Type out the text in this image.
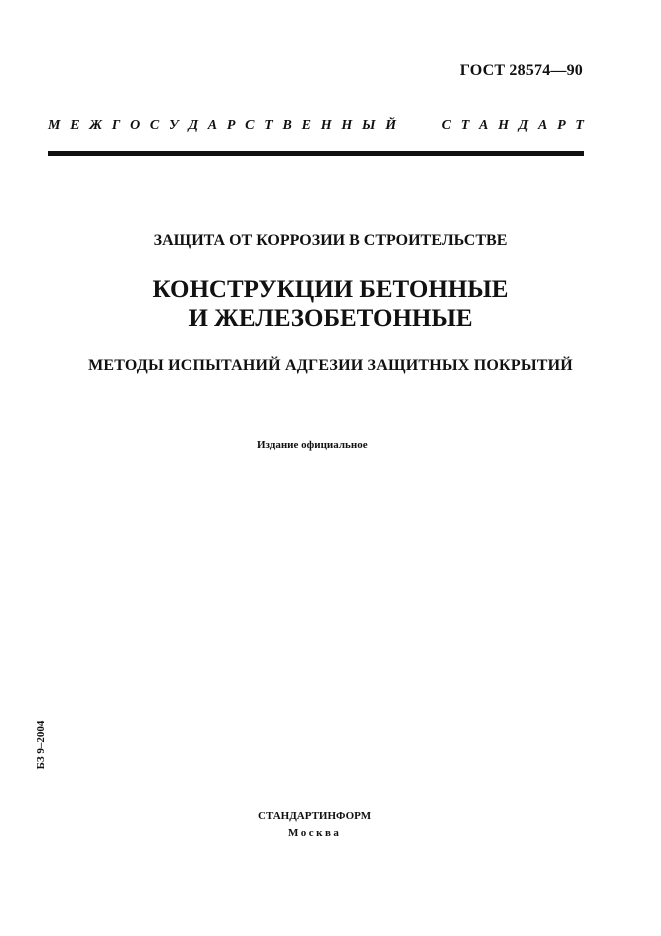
ГОСТ 28574—90
М Е Ж Г О С У Д А Р С Т В Е Н Н Ы Й	С Т А Н Д А Р Т
ЗАЩИТА ОТ КОРРОЗИИ В СТРОИТЕЛЬСТВЕ
КОНСТРУКЦИИ БЕТОННЫЕ
И ЖЕЛЕЗОБЕТОННЫЕ
МЕТОДЫ ИСПЫТАНИЙ АДГЕЗИИ ЗАЩИТНЫХ ПОКРЫТИЙ
Издание официальное
БЗ 9–2004
СТАНДАРТИНФОРМ
Москва
